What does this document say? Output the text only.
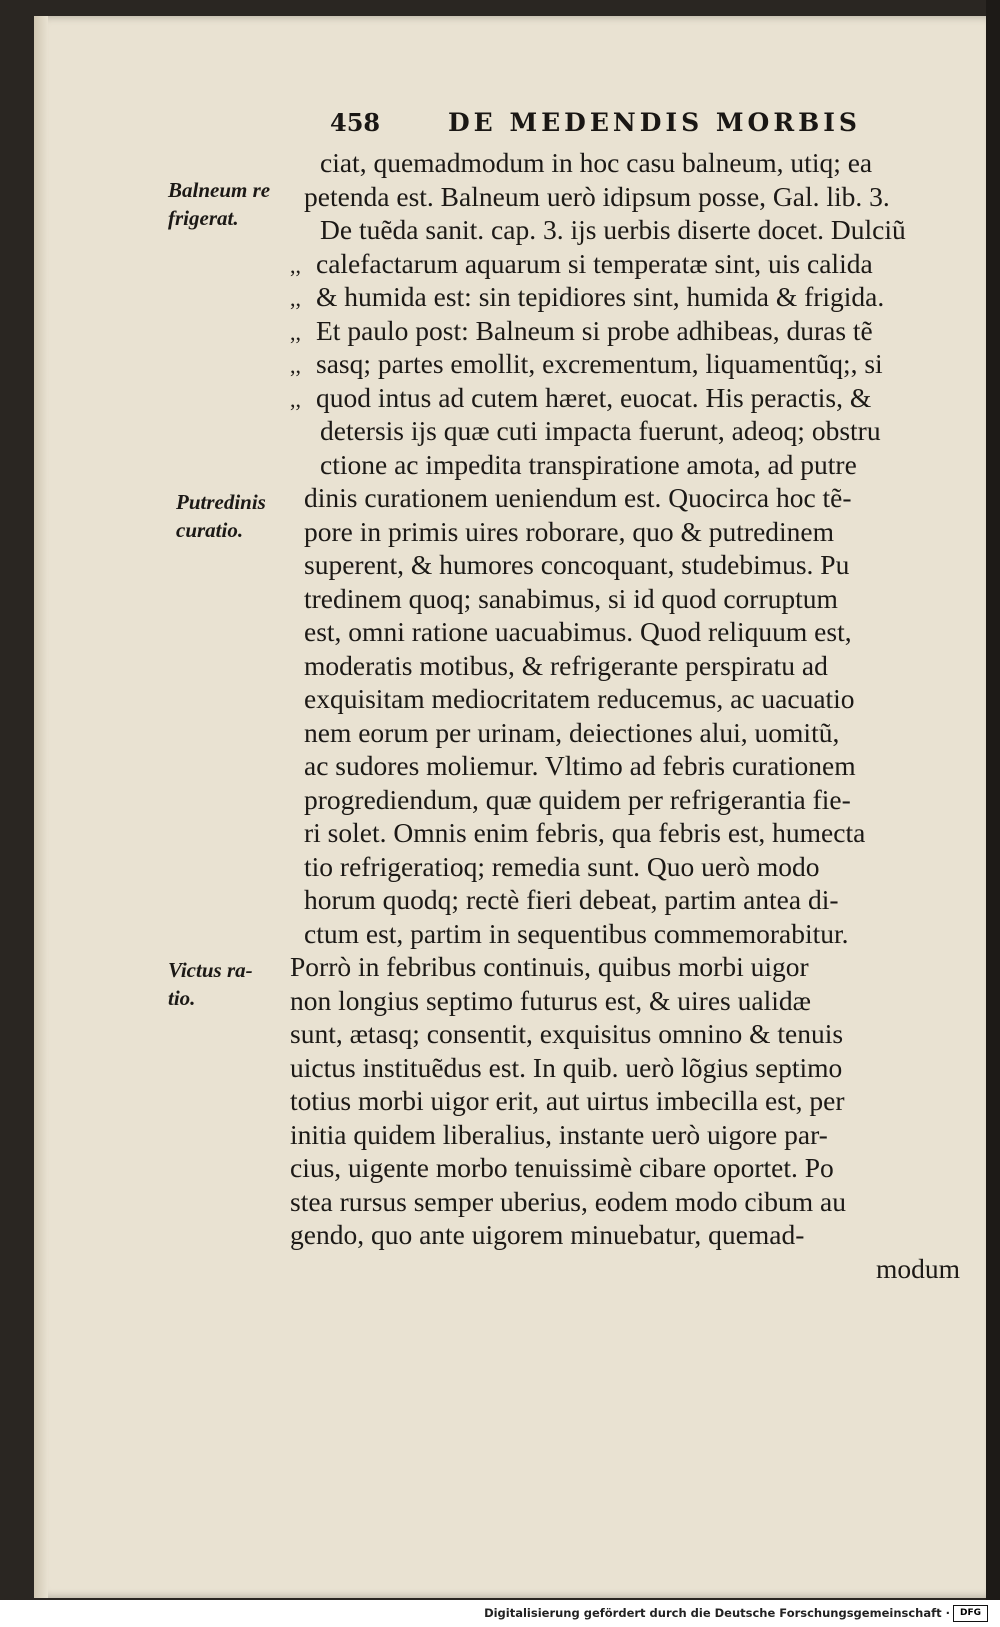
458	DE MEDENDIS MORBIS
Balneum re
frigerat.
Putredinis
curatio.
Victus ra-
tio.
ciat, quemadmodum in hoc casu balneum, utiq; ea
petenda est. Balneum uerò idipsum posse, Gal. lib. 3.
De tuẽda sanit. cap. 3. ijs uerbis diserte docet. Dulciũ
,, calefactarum aquarum si temperatæ sint, uis calida
,, & humida est: sin tepidiores sint, humida & frigida.
,, Et paulo post: Balneum si probe adhibeas, duras tẽ
,, sasq; partes emollit, excrementum, liquamentũq;, si
,, quod intus ad cutem hæret, euocat. His peractis, &
detersis ijs quæ cuti impacta fuerunt, adeoq; obstru
ctione ac impedita transpiratione amota, ad putre
dinis curationem ueniendum est. Quocirca hoc tẽ-
pore in primis uires roborare, quo & putredinem
superent, & humores concoquant, studebimus. Pu
tredinem quoq; sanabimus, si id quod corruptum
est, omni ratione uacuabimus. Quod reliquum est,
moderatis motibus, & refrigerante perspiratu ad
exquisitam mediocritatem reducemus, ac uacuatio
nem eorum per urinam, deiectiones alui, uomitũ,
ac sudores moliemur. Vltimo ad febris curationem
progrediendum, quæ quidem per refrigerantia fie-
ri solet. Omnis enim febris, qua febris est, humecta
tio refrigeratioq; remedia sunt. Quo uerò modo
horum quodq; rectè fieri debeat, partim antea di-
ctum est, partim in sequentibus commemorabitur.
Porrò in febribus continuis, quibus morbi uigor
non longius septimo futurus est, & uires ualidæ
sunt, ætasq; consentit, exquisitus omnino & tenuis
uictus instituẽdus est. In quib. uerò lõgius septimo
totius morbi uigor erit, aut uirtus imbecilla est, per
initia quidem liberalius, instante uerò uigore par-
cius, uigente morbo tenuissimè cibare oportet. Po
stea rursus semper uberius, eodem modo cibum au
gendo, quo ante uigorem minuebatur, quemad-
modum
Digitalisierung gefördert durch die Deutsche Forschungsgemeinschaft ·	DFG
